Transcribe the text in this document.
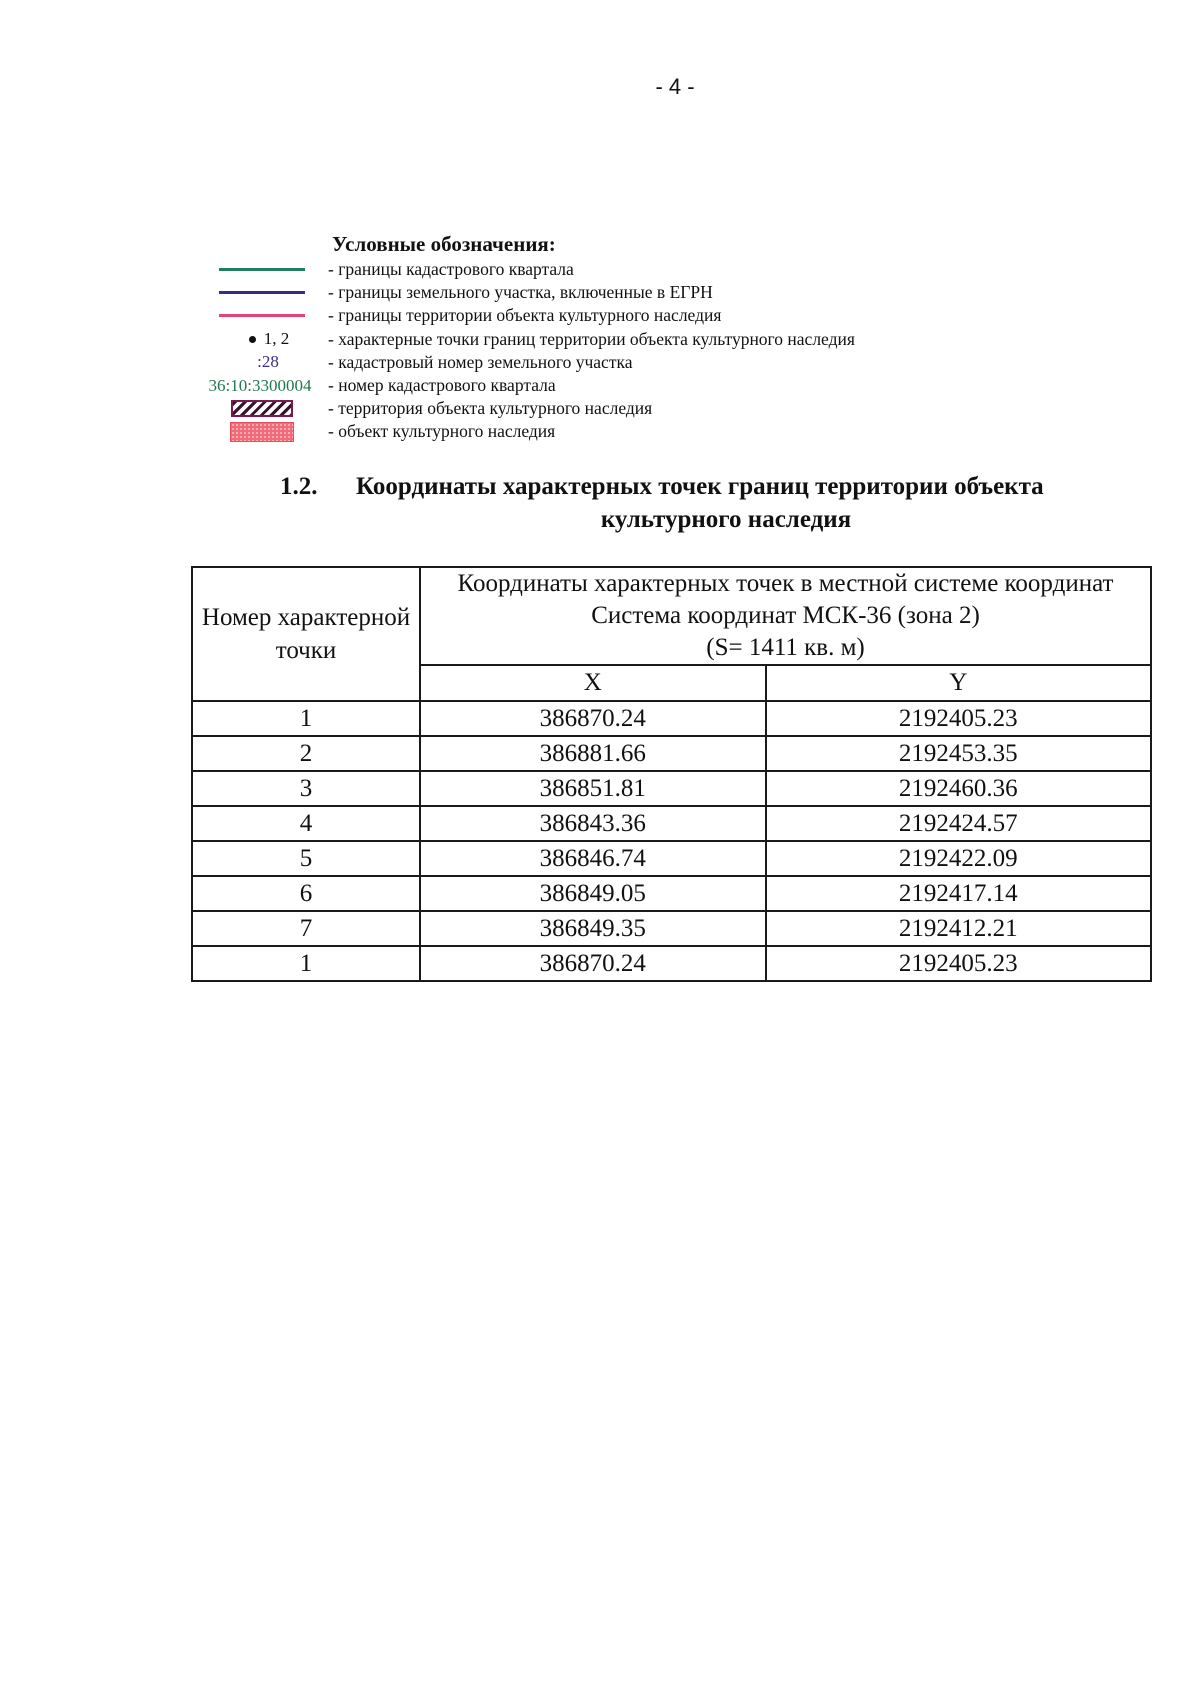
- 4 -
Условные обозначения:
- границы кадастрового квартала
- границы земельного участка, включенные в ЕГРН
- границы территории объекта культурного наследия
1, 2 - характерные точки границ территории объекта культурного наследия
:28	- кадастровый номер земельного участка
36:10:3300004 - номер кадастрового квартала
- территория объекта культурного наследия
- объект культурного наследия
1.2. Координаты характерных точек границ территории объекта
культурного наследия
Номер характерной точки	Координаты характерных точек в местной системе координат
Система координат МСК-36 (зона 2)
(S= 1411 кв. м)	

	X	Y
1	386870.24	2192405.23
2	386881.66	2192453.35
3	386851.81	2192460.36
4	386843.36	2192424.57
5	386846.74	2192422.09
6	386849.05	2192417.14
7	386849.35	2192412.21
1	386870.24	2192405.23
